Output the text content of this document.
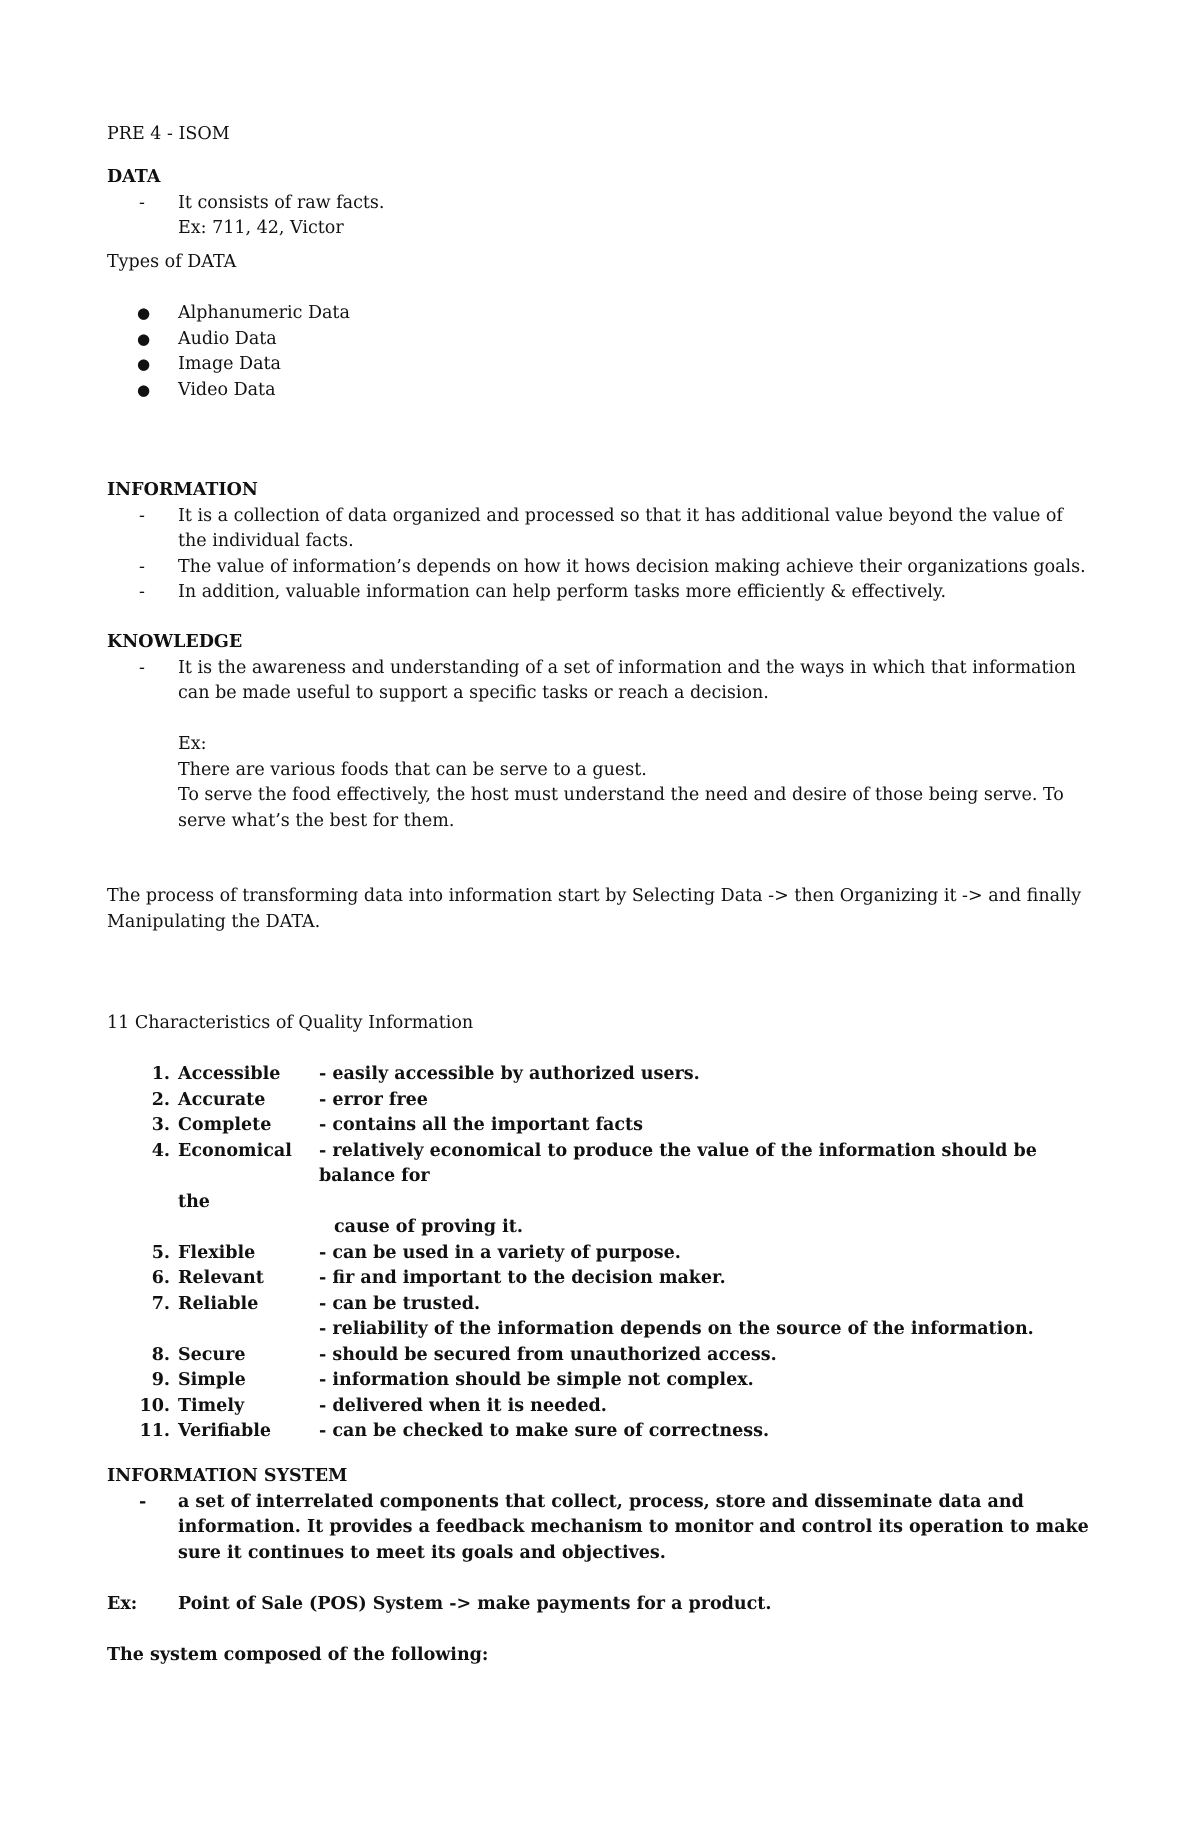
PRE 4 - ISOM

DATA
- It consists of raw facts.
Ex: 711, 42, Victor
Types of DATA
● Alphanumeric Data
● Audio Data
● Image Data
● Video Data
INFORMATION
- It is a collection of data organized and processed so that it has additional value beyond the value of the individual facts.
- The value of information’s depends on how it hows decision making achieve their organizations goals.
- In addition, valuable information can help perform tasks more efficiently & effectively.
KNOWLEDGE
- It is the awareness and understanding of a set of information and the ways in which that information can be made useful to support a specific tasks or reach a decision.
Ex:
There are various foods that can be serve to a guest.
To serve the food effectively, the host must understand the need and desire of those being serve. To serve what’s the best for them.

The process of transforming data into information start by Selecting Data -> then Organizing it -> and finally Manipulating the DATA.

11 Characteristics of Quality Information

1. Accessible	- easily accessible by authorized users.
2. Accurate	- error free
3. Complete	- contains all the important facts
4. Economical	- relatively economical to produce the value of the information should be balance for
the
cause of proving it.
5. Flexible	- can be used in a variety of purpose.
6. Relevant	- fir and important to the decision maker.
7. Reliable	- can be trusted.
- reliability of the information depends on the source of the information.
8. Secure	- should be secured from unauthorized access.
9. Simple	- information should be simple not complex.
10. Timely	- delivered when it is needed.
11. Verifiable	- can be checked to make sure of correctness.
INFORMATION SYSTEM
- a set of interrelated components that collect, process, store and disseminate data and information. It provides a feedback mechanism to monitor and control its operation to make sure it continues to meet its goals and objectives.
Ex:	Point of Sale (POS) System -> make payments for a product.

The system composed of the following:
